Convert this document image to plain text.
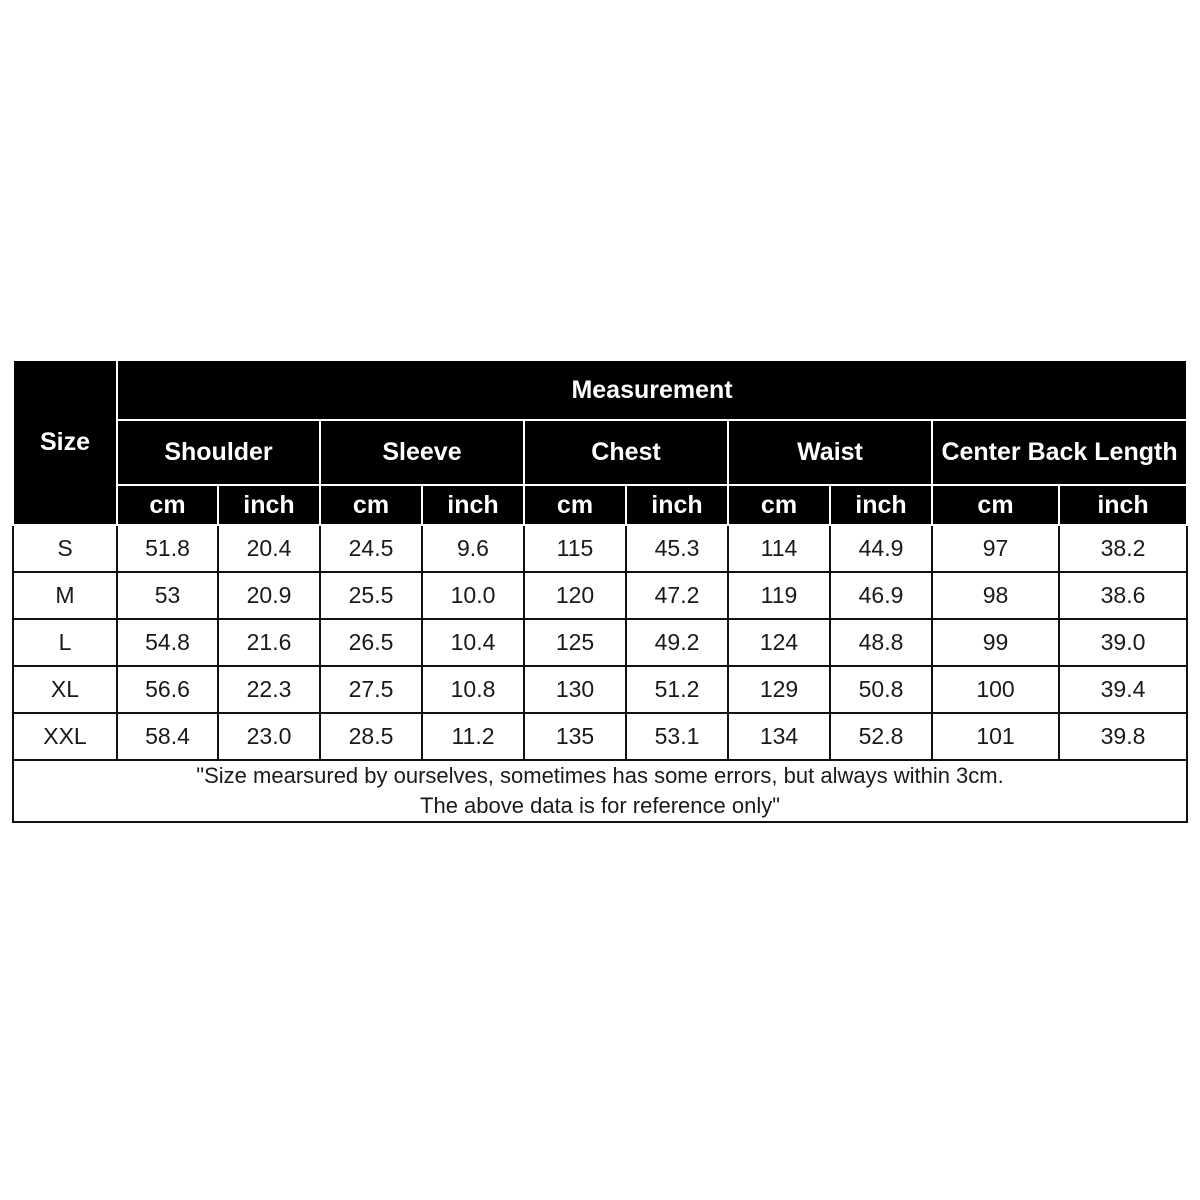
Size	Measurement									
	Shoulder		Sleeve		Chest		Waist		Center Back Length	
	cm	inch	cm	inch	cm	inch	cm	inch	cm	inch
S	51.8	20.4	24.5	9.6	115	45.3	114	44.9	97	38.2
M	53	20.9	25.5	10.0	120	47.2	119	46.9	98	38.6
L	54.8	21.6	26.5	10.4	125	49.2	124	48.8	99	39.0
XL	56.6	22.3	27.5	10.8	130	51.2	129	50.8	100	39.4
XXL	58.4	23.0	28.5	11.2	135	53.1	134	52.8	101	39.8

"Size mearsured by ourselves, sometimes has some errors, but always within 3cm.
The above data is for reference only"										
